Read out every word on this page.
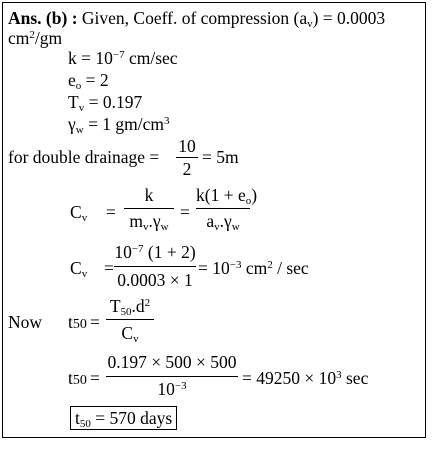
Ans. (b) : Given, Coeff. of compression $(a_v) = 0.0003$
$cm^2/gm$
$k = 10^{-7}$ cm/sec
$e_o = 2$
$T_v = 0.197$
$\gamma_w = 1$ $gm/cm^3$
for double drainage =
10
2
= 5m
$C_v$ =
k
$m_v.\gamma_w$
=
$k(1 + e_o)$
$a_v.\gamma_w$
$C_v$ =
$10^{-7}$ (1 + 2)
0.0003 × 1
= $10^{-3}$ $cm^2$ / sec
Now t50 =
$T_{50}.d^2$
$C_v$
t50 =
0.197 × 500 × 500
$10^{-3}$	= $49250 \times 10^3$ sec
$t_{50} = 570$ days
